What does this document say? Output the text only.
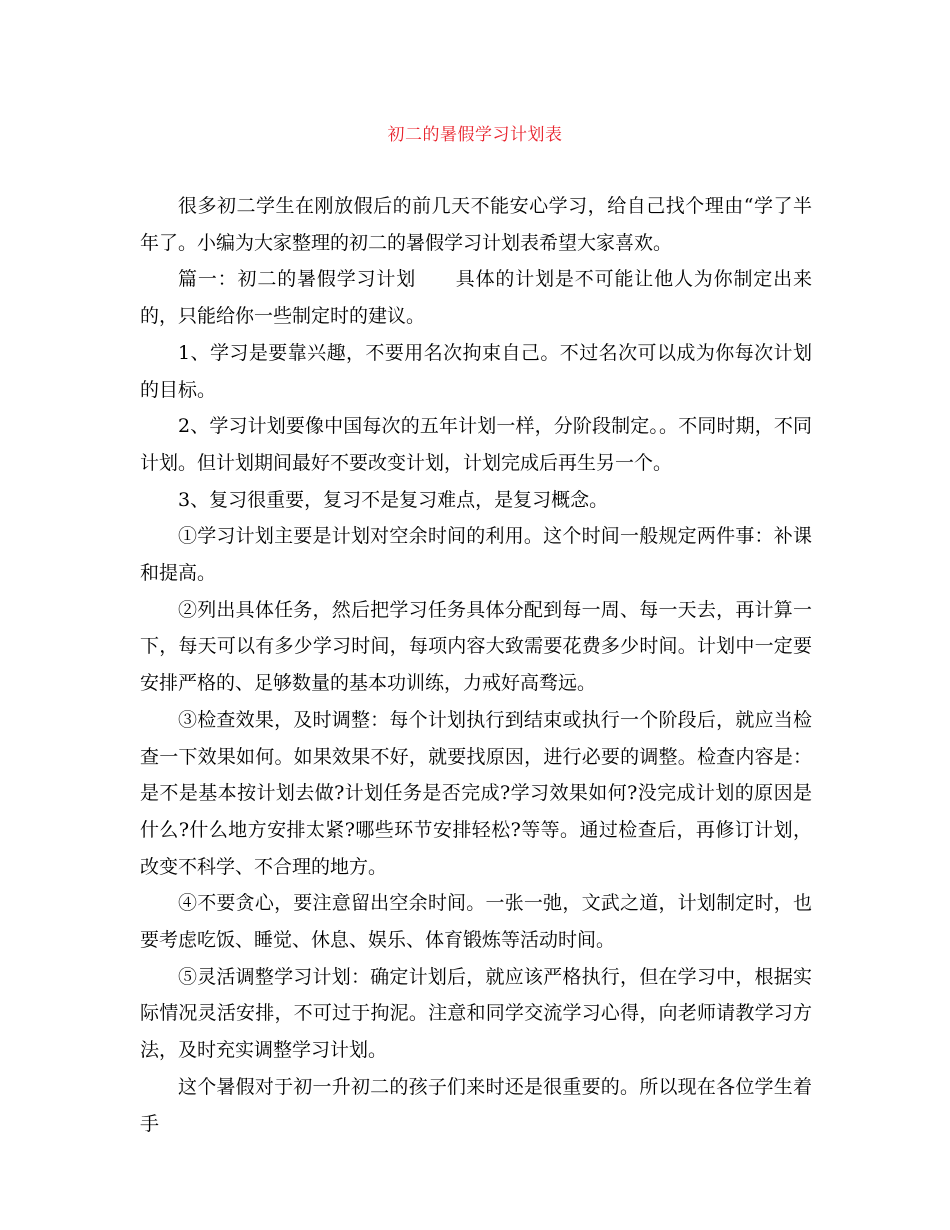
初二的暑假学习计划表

很多初二学生在刚放假后的前几天不能安心学习，给自己找个理由“学了半年了。小编为大家整理的初二的暑假学习计划表希望大家喜欢。

篇一：初二的暑假学习计划　　具体的计划是不可能让他人为你制定出来的，只能给你一些制定时的建议。

1、学习是要靠兴趣，不要用名次拘束自己。不过名次可以成为你每次计划的目标。

2、学习计划要像中国每次的五年计划一样，分阶段制定。。不同时期，不同计划。但计划期间最好不要改变计划，计划完成后再生另一个。

3、复习很重要，复习不是复习难点，是复习概念。

①学习计划主要是计划对空余时间的利用。这个时间一般规定两件事：补课和提高。

②列出具体任务，然后把学习任务具体分配到每一周、每一天去，再计算一下，每天可以有多少学习时间，每项内容大致需要花费多少时间。计划中一定要安排严格的、足够数量的基本功训练，力戒好高骛远。

③检查效果，及时调整：每个计划执行到结束或执行一个阶段后，就应当检查一下效果如何。如果效果不好，就要找原因，进行必要的调整。检查内容是：是不是基本按计划去做?计划任务是否完成?学习效果如何?没完成计划的原因是什么?什么地方安排太紧?哪些环节安排轻松?等等。通过检查后，再修订计划，改变不科学、不合理的地方。

④不要贪心，要注意留出空余时间。一张一弛，文武之道，计划制定时，也要考虑吃饭、睡觉、休息、娱乐、体育锻炼等活动时间。

⑤灵活调整学习计划：确定计划后，就应该严格执行，但在学习中，根据实际情况灵活安排，不可过于拘泥。注意和同学交流学习心得，向老师请教学习方法，及时充实调整学习计划。

这个暑假对于初一升初二的孩子们来时还是很重要的。所以现在各位学生着手
